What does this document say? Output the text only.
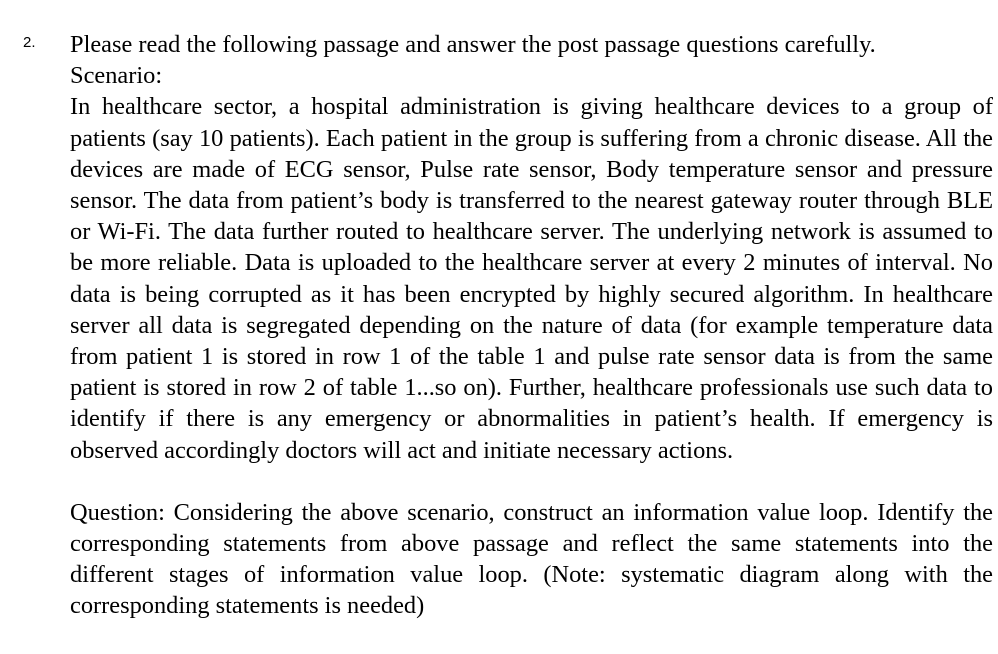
2. Please read the following passage and answer the post passage questions carefully.

Scenario:

In healthcare sector, a hospital administration is giving healthcare devices to a group of patients (say 10 patients). Each patient in the group is suffering from a chronic disease. All the devices are made of ECG sensor, Pulse rate sensor, Body temperature sensor and pressure sensor. The data from patient’s body is transferred to the nearest gateway router through BLE or Wi-Fi. The data further routed to healthcare server. The underlying network is assumed to be more reliable. Data is uploaded to the healthcare server at every 2 minutes of interval. No data is being corrupted as it has been encrypted by highly secured algorithm. In healthcare server all data is segregated depending on the nature of data (for example temperature data from patient 1 is stored in row 1 of the table 1 and pulse rate sensor data is from the same patient is stored in row 2 of table 1...so on). Further, healthcare professionals use such data to identify if there is any emergency or abnormalities in patient’s health. If emergency is observed accordingly doctors will act and initiate necessary actions.

Question: Considering the above scenario, construct an information value loop. Identify the corresponding statements from above passage and reflect the same statements into the different stages of information value loop. (Note: systematic diagram along with the corresponding statements is needed)
